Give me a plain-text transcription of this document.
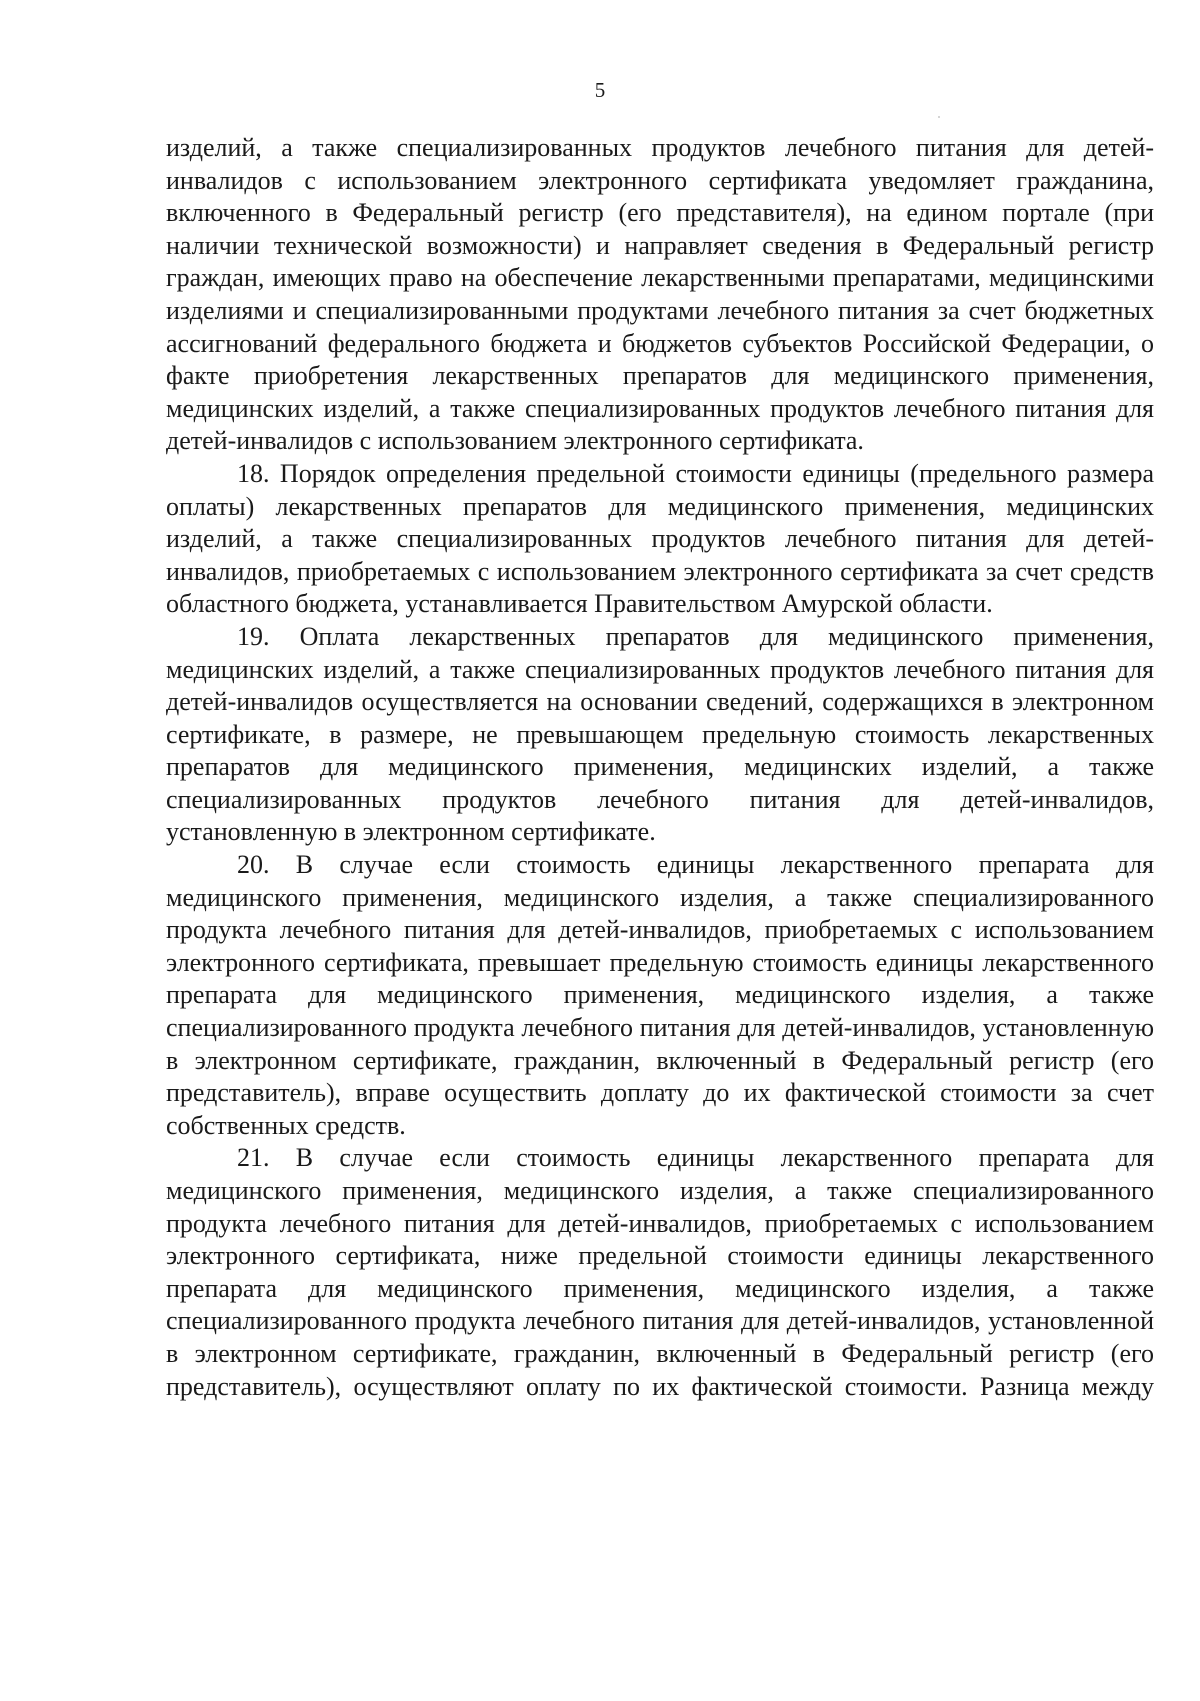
5

изделий, а также специализированных продуктов лечебного питания для детей-инвалидов с использованием электронного сертификата уведомляет гражданина, включенного в Федеральный регистр (его представителя), на едином портале (при наличии технической возможности) и направляет сведения в Федеральный регистр граждан, имеющих право на обеспечение лекарственными препаратами, медицинскими изделиями и специализированными продуктами лечебного питания за счет бюджетных ассигнований федерального бюджета и бюджетов субъектов Российской Федерации, о факте приобретения лекарственных препаратов для медицинского применения, медицинских изделий, а также специализированных продуктов лечебного питания для детей-инвалидов с использованием электронного сертификата.

18. Порядок определения предельной стоимости единицы (предельного размера оплаты) лекарственных препаратов для медицинского применения, медицинских изделий, а также специализированных продуктов лечебного питания для детей-инвалидов, приобретаемых с использованием электронного сертификата за счет средств областного бюджета, устанавливается Правительством Амурской области.

19. Оплата лекарственных препаратов для медицинского применения, медицинских изделий, а также специализированных продуктов лечебного питания для детей-инвалидов осуществляется на основании сведений, содержащихся в электронном сертификате, в размере, не превышающем предельную стоимость лекарственных препаратов для медицинского применения, медицинских изделий, а также специализированных продуктов лечебного питания для детей-инвалидов, установленную в электронном сертификате.

20. В случае если стоимость единицы лекарственного препарата для медицинского применения, медицинского изделия, а также специализированного продукта лечебного питания для детей-инвалидов, приобретаемых с использованием электронного сертификата, превышает предельную стоимость единицы лекарственного препарата для медицинского применения, медицинского изделия, а также специализированного продукта лечебного питания для детей-инвалидов, установленную в электронном сертификате, гражданин, включенный в Федеральный регистр (его представитель), вправе осуществить доплату до их фактической стоимости за счет собственных средств.

21. В случае если стоимость единицы лекарственного препарата для медицинского применения, медицинского изделия, а также специализированного продукта лечебного питания для детей-инвалидов, приобретаемых с использованием электронного сертификата, ниже предельной стоимости единицы лекарственного препарата для медицинского применения, медицинского изделия, а также специализированного продукта лечебного питания для детей-инвалидов, установленной в электронном сертификате, гражданин, включенный в Федеральный регистр (его представитель), осуществляют оплату по их фактической стоимости. Разница между
